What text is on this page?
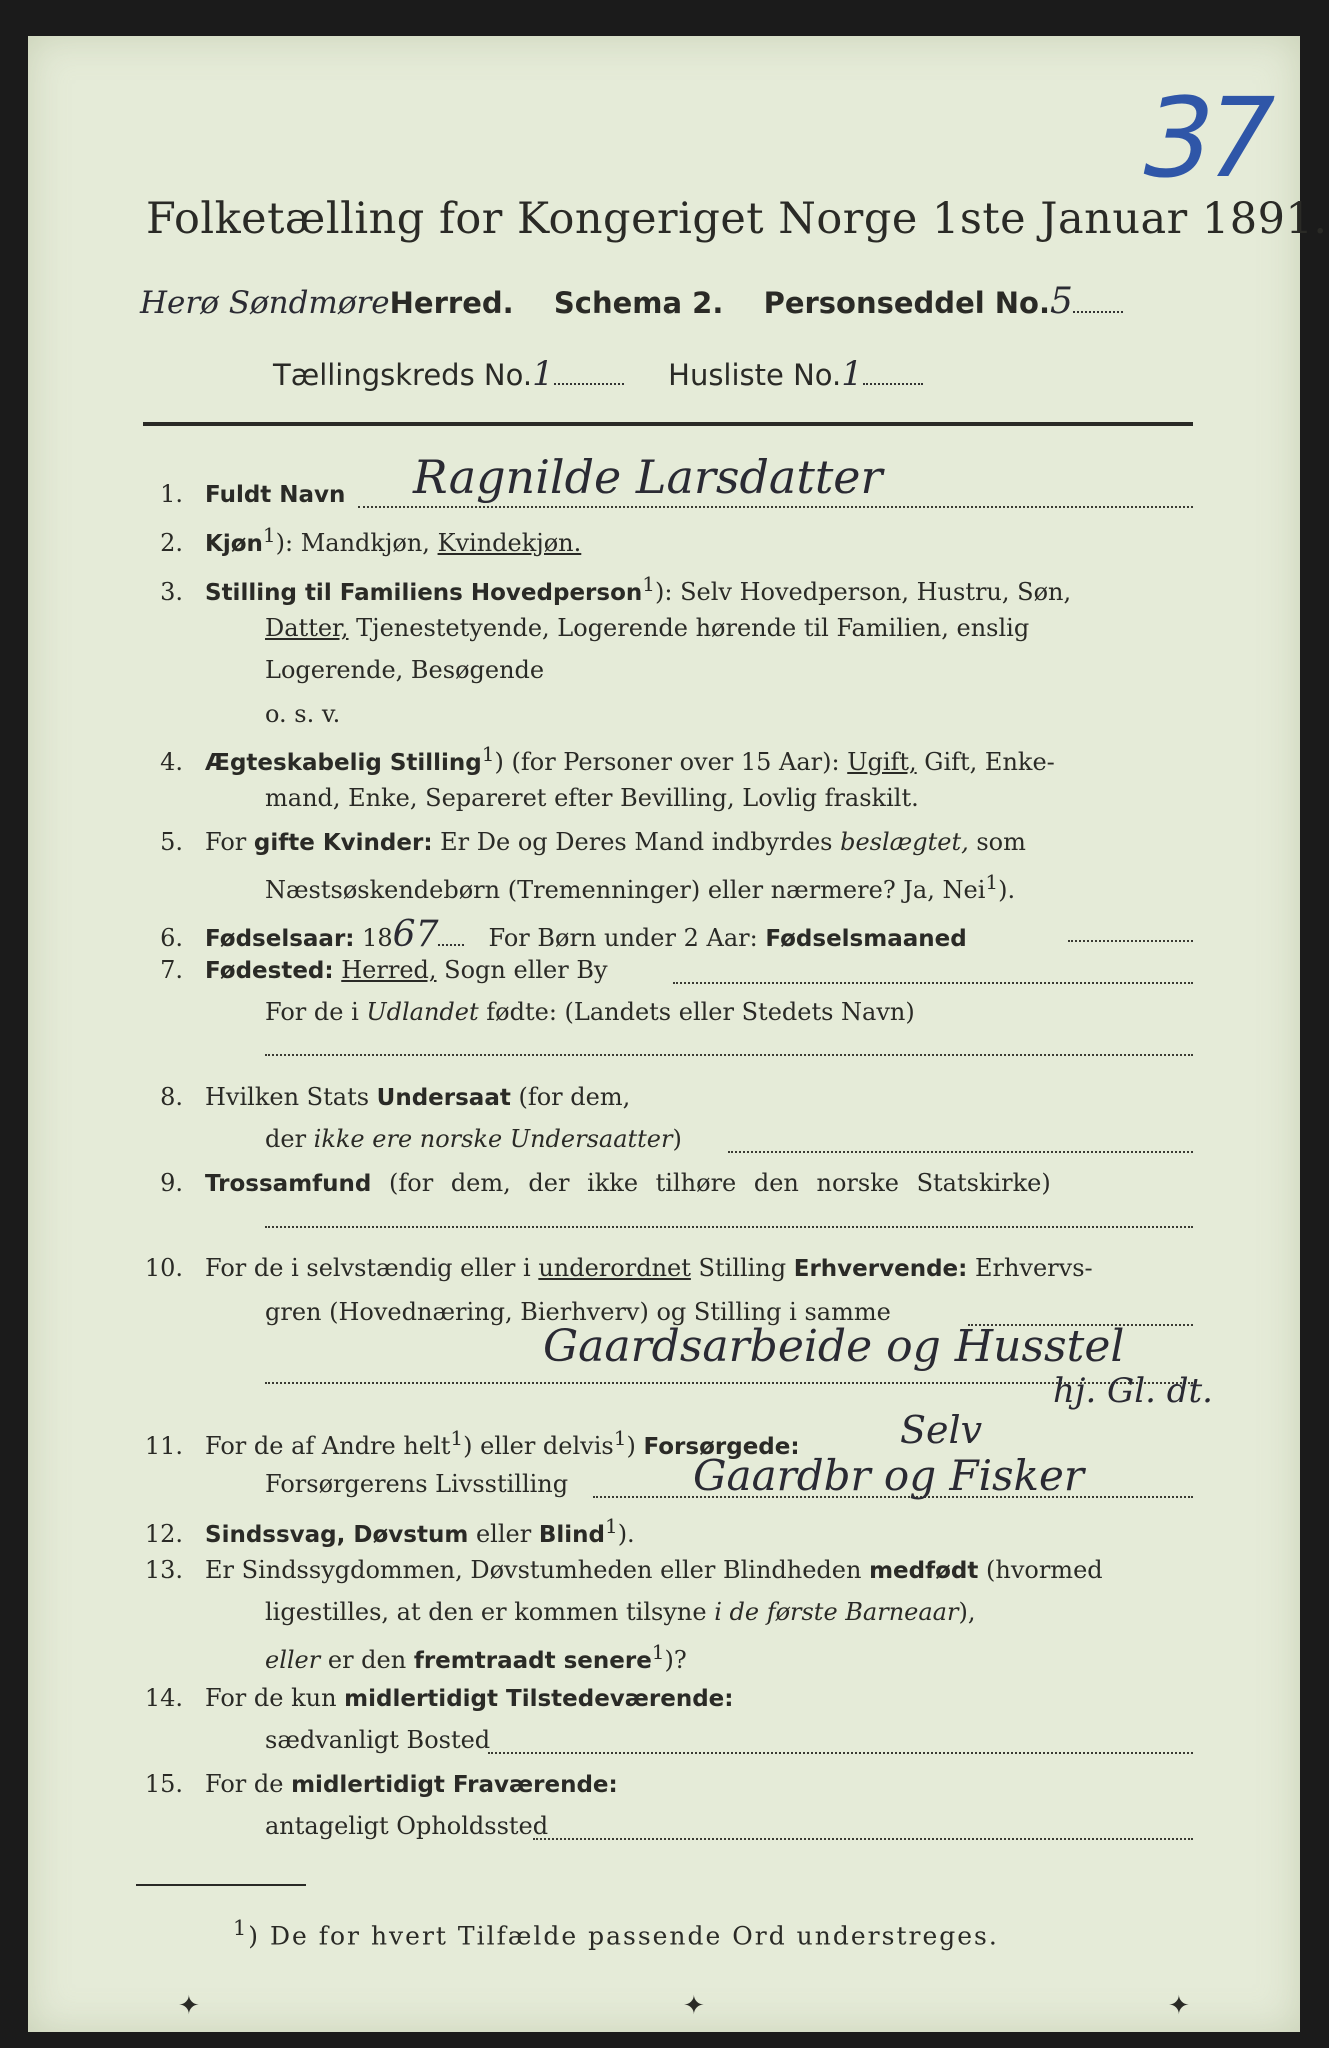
37
Folketælling for Kongeriget Norge 1ste Januar 1891.
Herø SøndmøreHerred. Schema 2. Personseddel No.5
Tællingskreds No.1	Husliste No.1
1. Fuldt Navn	Ragnilde Larsdatter
2. Kjøn$^1$): Mandkjøn, Kvindekjøn.
3. Stilling til Familiens Hovedperson$^1$): Selv Hovedperson, Hustru, Søn,
Datter, Tjenestetyende, Logerende hørende til Familien, enslig
Logerende, Besøgende
o. s. v.
4. Ægteskabelig Stilling$^1$) (for Personer over 15 Aar): Ugift, Gift, Enke-
mand, Enke, Separeret efter Bevilling, Lovlig fraskilt.
5. For gifte Kvinder: Er De og Deres Mand indbyrdes beslægtet, som
Næstsøskendebørn (Tremenninger) eller nærmere? Ja, Nei$^1$).
6. Fødselsaar: 1867 For Børn under 2 Aar: Fødselsmaaned
7. Fødested: Herred, Sogn eller By
For de i Udlandet fødte: (Landets eller Stedets Navn)
8. Hvilken Stats Undersaat (for dem,
der ikke ere norske Undersaatter)
9. Trossamfund (for dem, der ikke tilhøre den norske Statskirke)
10. For de i selvstændig eller i underordnet Stilling Erhvervende: Erhvervs-
gren (Hovednæring, Bierhverv) og Stilling i samme
Gaardsarbeide og Husstel
hj. Gl. dt.
11. For de af Andre helt$^1$) eller delvis$^1$) Forsørgede:	Selv
Forsørgerens Livsstilling	Gaardbr og Fisker
12. Sindssvag, Døvstum eller Blind$^1$).
13. Er Sindssygdommen, Døvstumheden eller Blindheden medfødt (hvormed
ligestilles, at den er kommen tilsyne i de første Barneaar),
eller er den fremtraadt senere$^1$)?
14. For de kun midlertidigt Tilstedeværende:
sædvanligt Bosted
15. For de midlertidigt Fraværende:
antageligt Opholdssted
$^1$) De for hvert Tilfælde passende Ord understreges.
✦	✦	✦
